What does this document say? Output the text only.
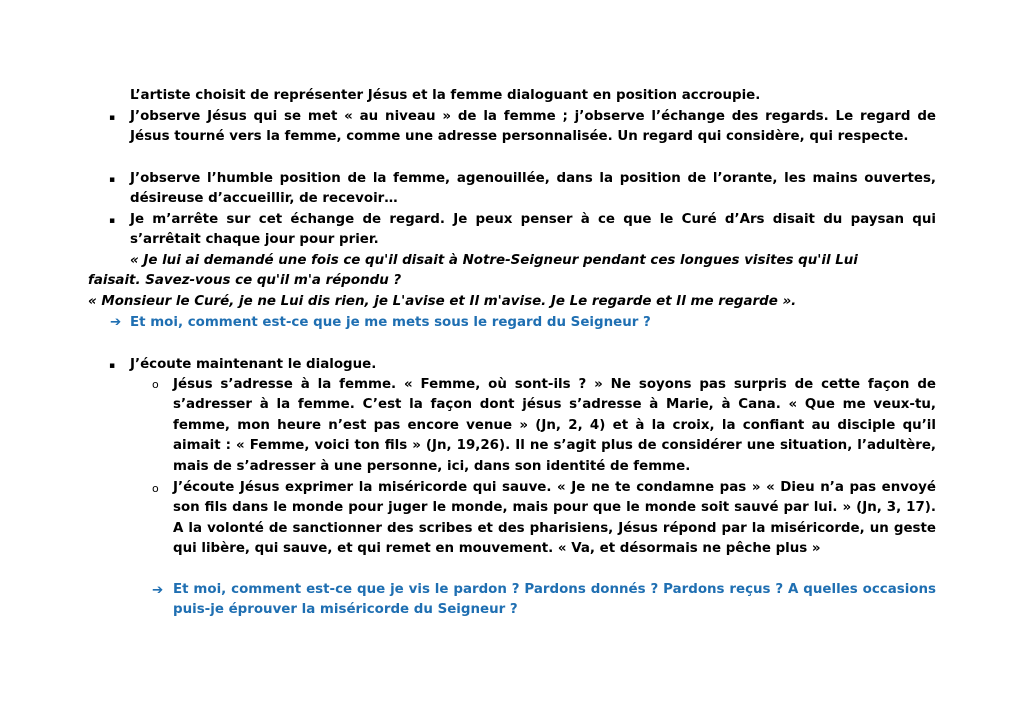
L’artiste choisit de représenter Jésus et la femme dialoguant en position accroupie.
▪ J’observe Jésus qui se met « au niveau » de la femme ; j’observe l’échange des regards. Le regard de Jésus tourné vers la femme, comme une adresse personnalisée. Un regard qui considère, qui respecte.
▪ J’observe l’humble position de la femme, agenouillée, dans la position de l’orante, les mains ouvertes, désireuse d’accueillir, de recevoir…
▪ Je m’arrête sur cet échange de regard. Je peux penser à ce que le Curé d’Ars disait du paysan qui s’arrêtait chaque jour pour prier.
« Je lui ai demandé une fois ce qu'il disait à Notre-Seigneur pendant ces longues visites qu'il Lui
faisait. Savez-vous ce qu'il m'a répondu ?
« Monsieur le Curé, je ne Lui dis rien, je L'avise et Il m'avise. Je Le regarde et Il me regarde ».
➔ Et moi, comment est-ce que je me mets sous le regard du Seigneur ?
▪ J’écoute maintenant le dialogue.
o Jésus s’adresse à la femme. « Femme, où sont-ils ? » Ne soyons pas surpris de cette façon de s’adresser à la femme. C’est la façon dont jésus s’adresse à Marie, à Cana. « Que me veux-tu, femme, mon heure n’est pas encore venue » (Jn, 2, 4) et à la croix, la confiant au disciple qu’il aimait : « Femme, voici ton fils » (Jn, 19,26). Il ne s’agit plus de considérer une situation, l’adultère, mais de s’adresser à une personne, ici, dans son identité de femme.
o J’écoute Jésus exprimer la miséricorde qui sauve. « Je ne te condamne pas » « Dieu n’a pas envoyé son fils dans le monde pour juger le monde, mais pour que le monde soit sauvé par lui. » (Jn, 3, 17). A la volonté de sanctionner des scribes et des pharisiens, Jésus répond par la miséricorde, un geste qui libère, qui sauve, et qui remet en mouvement. « Va, et désormais ne pêche plus »
➔ Et moi, comment est-ce que je vis le pardon ? Pardons donnés ? Pardons reçus ? A quelles occasions puis-je éprouver la miséricorde du Seigneur ?
